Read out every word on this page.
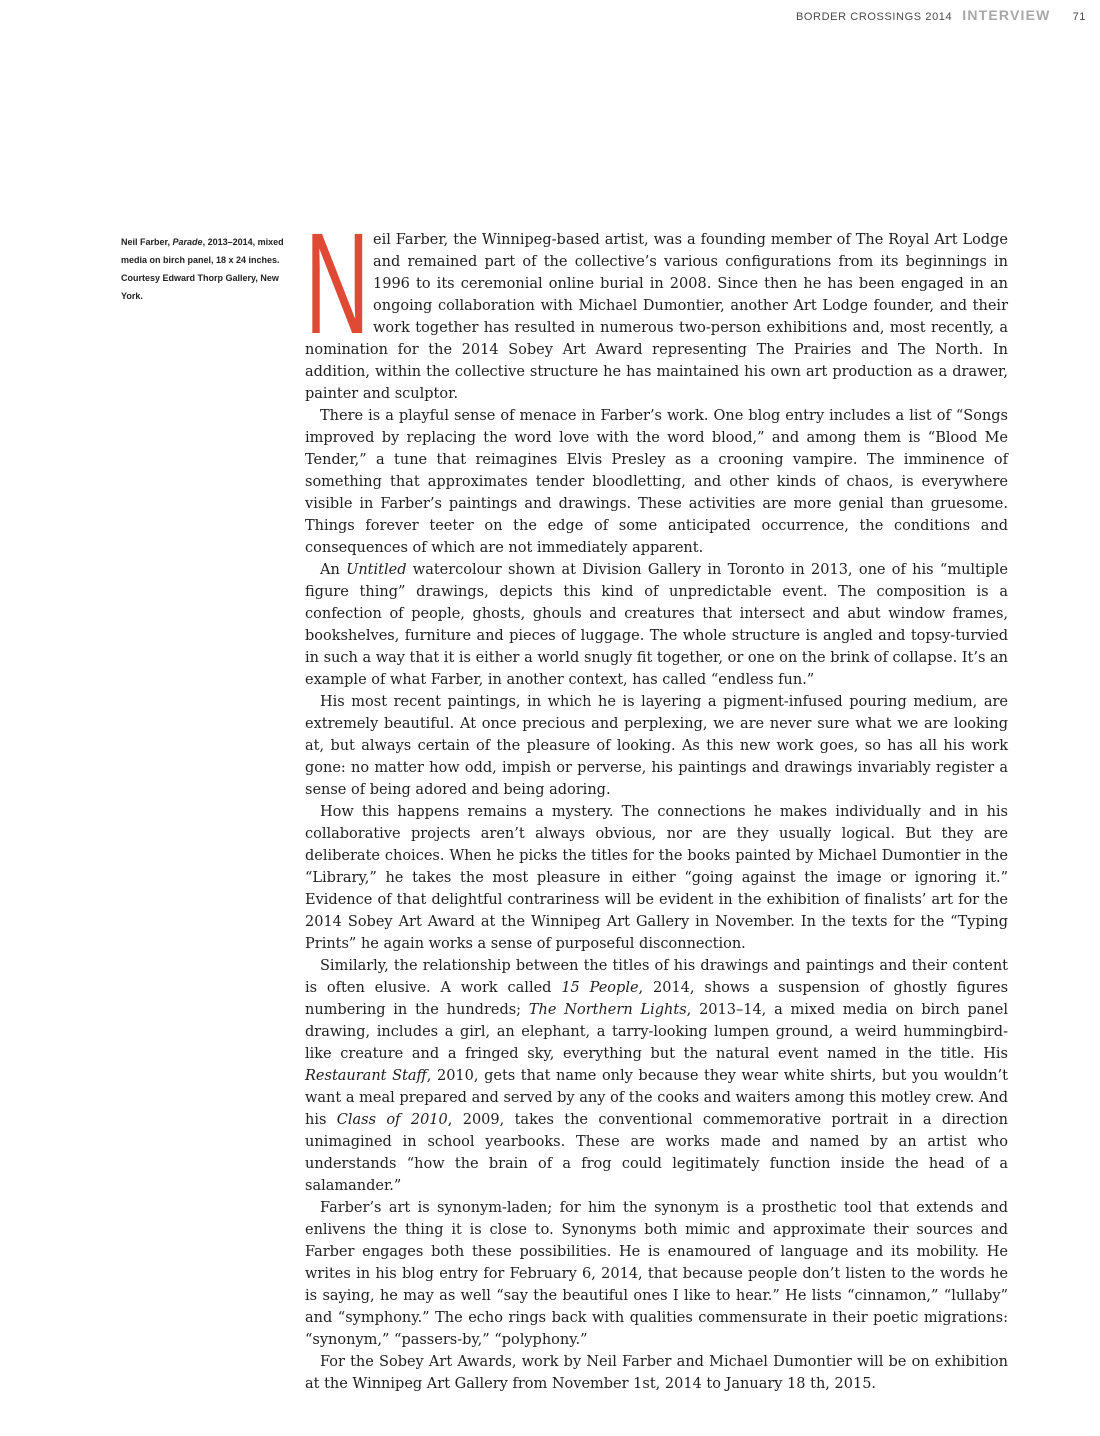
BORDER CROSSINGS 2014 INTERVIEW 71
Neil Farber, Parade, 2013–2014, mixed media on birch panel, 18 x 24 inches. Courtesy Edward Thorp Gallery, New York.	Neil Farber, the Winnipeg-based artist, was a founding member of The Royal Art Lodge and remained part of the collective’s various configurations from its beginnings in 1996 to its ceremonial online burial in 2008. Since then he has been engaged in an ongoing collaboration with Michael Dumontier, another Art Lodge founder, and their work together has resulted in numerous two-person exhibitions and, most recently, a nomination for the 2014 Sobey Art Award representing The Prairies and The North. In addition, within the collective structure he has maintained his own art production as a drawer, painter and sculptor.

There is a playful sense of menace in Farber’s work. One blog entry includes a list of “Songs improved by replacing the word love with the word blood,” and among them is “Blood Me Tender,” a tune that reimagines Elvis Presley as a crooning vampire. The imminence of something that approximates tender bloodletting, and other kinds of chaos, is everywhere visible in Farber’s paintings and drawings. These activities are more genial than gruesome. Things forever teeter on the edge of some anticipated occurrence, the conditions and consequences of which are not immediately apparent.

An Untitled watercolour shown at Division Gallery in Toronto in 2013, one of his “multiple figure thing” drawings, depicts this kind of unpredictable event. The composition is a confection of people, ghosts, ghouls and creatures that intersect and abut window frames, bookshelves, furniture and pieces of luggage. The whole structure is angled and topsy-turvied in such a way that it is either a world snugly fit together, or one on the brink of collapse. It’s an example of what Farber, in another context, has called “endless fun.”

His most recent paintings, in which he is layering a pigment-infused pouring medium, are extremely beautiful. At once precious and perplexing, we are never sure what we are looking at, but always certain of the pleasure of looking. As this new work goes, so has all his work gone: no matter how odd, impish or perverse, his paintings and drawings invariably register a sense of being adored and being adoring.

How this happens remains a mystery. The connections he makes individually and in his collaborative projects aren’t always obvious, nor are they usually logical. But they are deliberate choices. When he picks the titles for the books painted by Michael Dumontier in the “Library,” he takes the most pleasure in either “going against the image or ignoring it.” Evidence of that delightful contrariness will be evident in the exhibition of finalists’ art for the 2014 Sobey Art Award at the Winnipeg Art Gallery in November. In the texts for the “Typing Prints” he again works a sense of purposeful disconnection.

Similarly, the relationship between the titles of his drawings and paintings and their content is often elusive. A work called 15 People, 2014, shows a suspension of ghostly figures numbering in the hundreds; The Northern Lights, 2013–14, a mixed media on birch panel drawing, includes a girl, an elephant, a tarry-looking lumpen ground, a weird hummingbird-like creature and a fringed sky, everything but the natural event named in the title. His Restaurant Staff, 2010, gets that name only because they wear white shirts, but you wouldn’t want a meal prepared and served by any of the cooks and waiters among this motley crew. And his Class of 2010, 2009, takes the conventional commemorative portrait in a direction unimagined in school yearbooks. These are works made and named by an artist who understands “how the brain of a frog could legitimately function inside the head of a salamander.”

Farber’s art is synonym-laden; for him the synonym is a prosthetic tool that extends and enlivens the thing it is close to. Synonyms both mimic and approximate their sources and Farber engages both these possibilities. He is enamoured of language and its mobility. He writes in his blog entry for February 6, 2014, that because people don’t listen to the words he is saying, he may as well “say the beautiful ones I like to hear.” He lists “cinnamon,” “lullaby” and “symphony.” The echo rings back with qualities commensurate in their poetic migrations: “synonym,” “passers-by,” “polyphony.”

For the Sobey Art Awards, work by Neil Farber and Michael Dumontier will be on exhibition at the Winnipeg Art Gallery from November 1st, 2014 to January 18 th, 2015.
